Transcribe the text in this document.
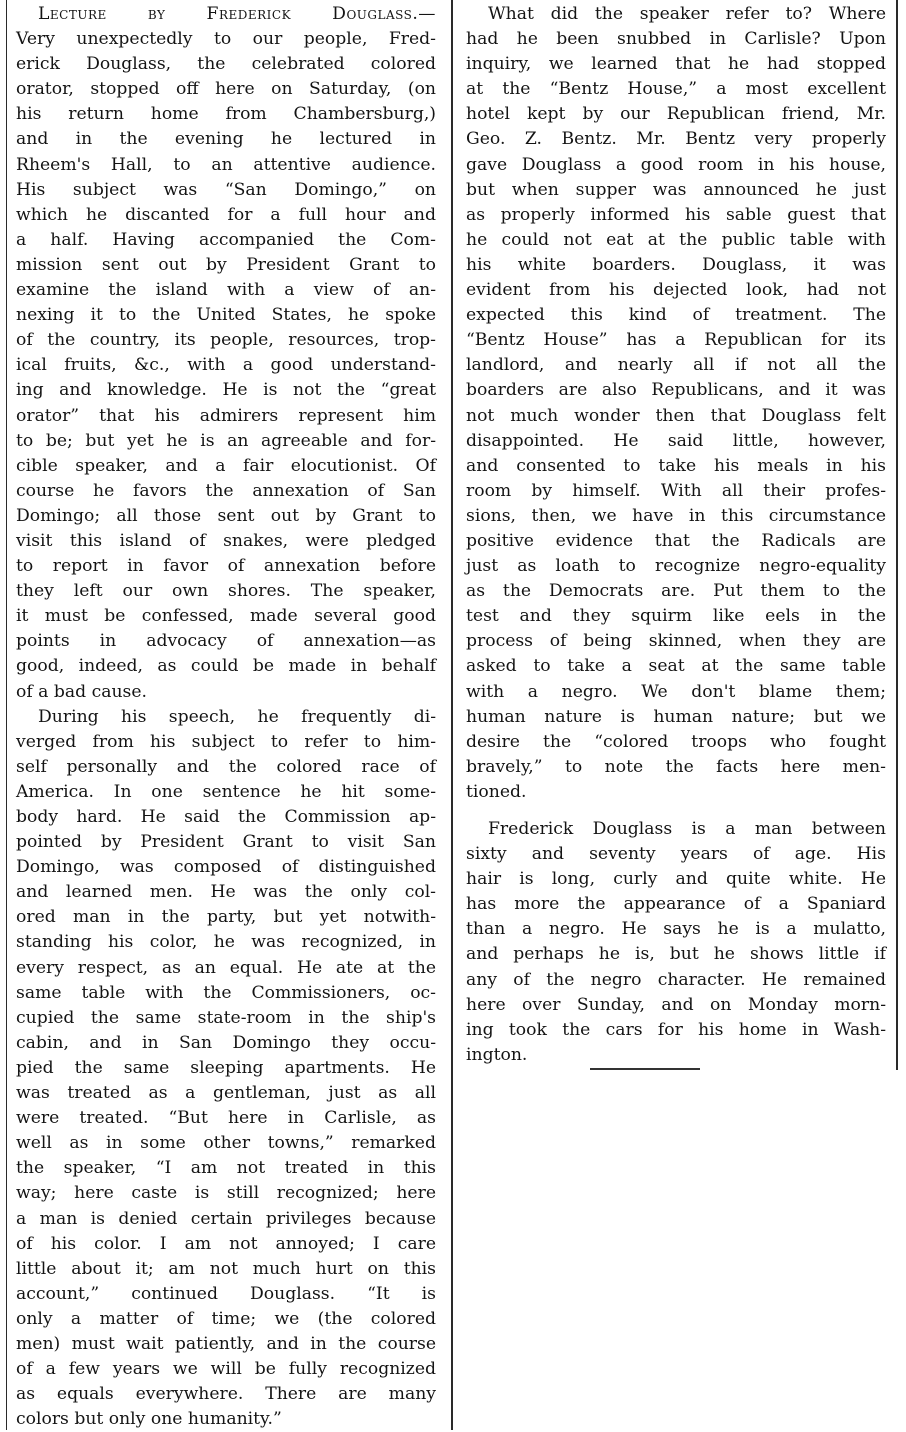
Lecture by Frederick Douglass.—
Very unexpectedly to our people, Fred-
erick Douglass, the celebrated colored
orator, stopped off here on Saturday, (on
his return home from Chambersburg,)
and in the evening he lectured in
Rheem's Hall, to an attentive audience.
His subject was “San Domingo,” on
which he discanted for a full hour and
a half. Having accompanied the Com-
mission sent out by President Grant to
examine the island with a view of an-
nexing it to the United States, he spoke
of the country, its people, resources, trop-
ical fruits, &c., with a good understand-
ing and knowledge. He is not the “great
orator” that his admirers represent him
to be; but yet he is an agreeable and for-
cible speaker, and a fair elocutionist. Of
course he favors the annexation of San
Domingo; all those sent out by Grant to
visit this island of snakes, were pledged
to report in favor of annexation before
they left our own shores. The speaker,
it must be confessed, made several good
points in advocacy of annexation—as
good, indeed, as could be made in behalf
of a bad cause.
During his speech, he frequently di-
verged from his subject to refer to him-
self personally and the colored race of
America. In one sentence he hit some-
body hard. He said the Commission ap-
pointed by President Grant to visit San
Domingo, was composed of distinguished
and learned men. He was the only col-
ored man in the party, but yet notwith-
standing his color, he was recognized, in
every respect, as an equal. He ate at the
same table with the Commissioners, oc-
cupied the same state-room in the ship's
cabin, and in San Domingo they occu-
pied the same sleeping apartments. He
was treated as a gentleman, just as all
were treated. “But here in Carlisle, as
well as in some other towns,” remarked
the speaker, “I am not treated in this
way; here caste is still recognized; here
a man is denied certain privileges because
of his color. I am not annoyed; I care
little about it; am not much hurt on this
account,” continued Douglass. “It is
only a matter of time; we (the colored
men) must wait patiently, and in the course
of a few years we will be fully recognized
as equals everywhere. There are many
colors but only one humanity.”
What did the speaker refer to? Where
had he been snubbed in Carlisle? Upon
inquiry, we learned that he had stopped
at the “Bentz House,” a most excellent
hotel kept by our Republican friend, Mr.
Geo. Z. Bentz. Mr. Bentz very properly
gave Douglass a good room in his house,
but when supper was announced he just
as properly informed his sable guest that
he could not eat at the public table with
his white boarders. Douglass, it was
evident from his dejected look, had not
expected this kind of treatment. The
“Bentz House” has a Republican for its
landlord, and nearly all if not all the
boarders are also Republicans, and it was
not much wonder then that Douglass felt
disappointed. He said little, however,
and consented to take his meals in his
room by himself. With all their profes-
sions, then, we have in this circumstance
positive evidence that the Radicals are
just as loath to recognize negro-equality
as the Democrats are. Put them to the
test and they squirm like eels in the
process of being skinned, when they are
asked to take a seat at the same table
with a negro. We don't blame them;
human nature is human nature; but we
desire the “colored troops who fought
bravely,” to note the facts here men-
tioned.
Frederick Douglass is a man between
sixty and seventy years of age. His
hair is long, curly and quite white. He
has more the appearance of a Spaniard
than a negro. He says he is a mulatto,
and perhaps he is, but he shows little if
any of the negro character. He remained
here over Sunday, and on Monday morn-
ing took the cars for his home in Wash-
ington.
